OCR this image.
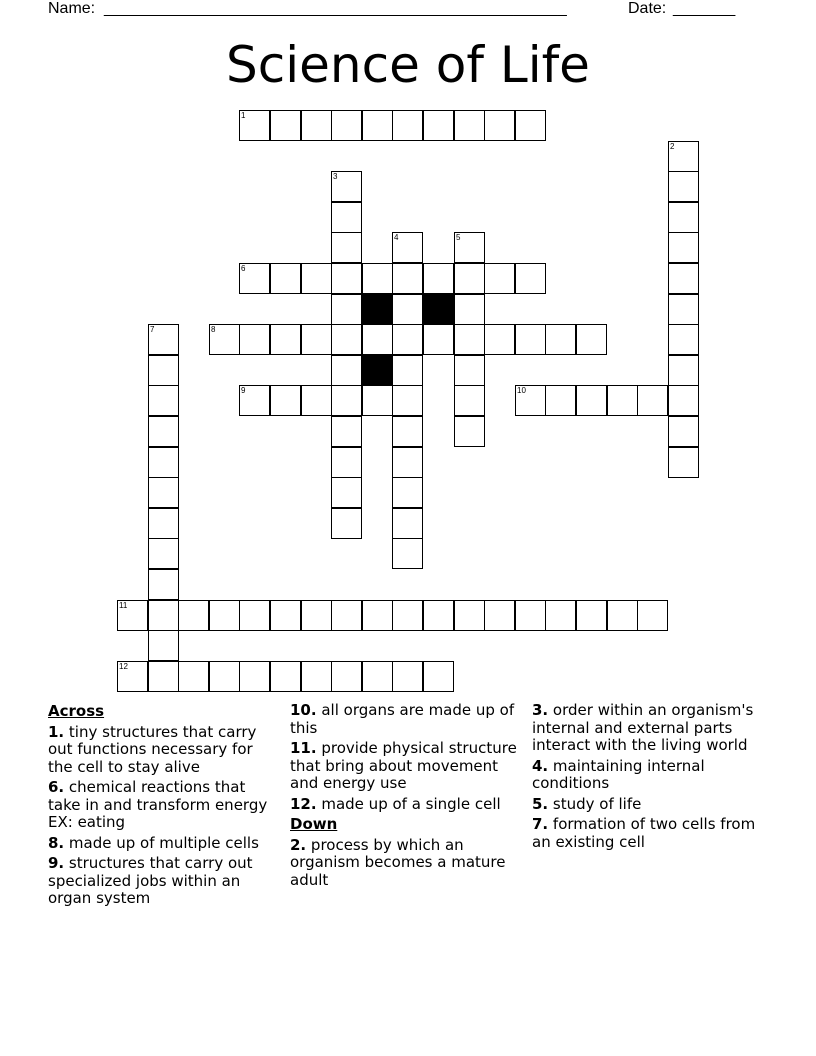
Name: ____________________________________________________	Date: _______
Science of Life
1
6
8
9	10
11
12
2
3
4	5
7
Across
1. tiny structures that carry out functions necessary for the cell to stay alive
6. chemical reactions that take in and transform energy EX: eating
8. made up of multiple cells
9. structures that carry out specialized jobs within an organ system
10. all organs are made up of this
11. provide physical structure that bring about movement and energy use
12. made up of a single cell
Down
2. process by which an organism becomes a mature adult
3. order within an organism's internal and external parts interact with the living world
4. maintaining internal conditions
5. study of life
7. formation of two cells from an existing cell
